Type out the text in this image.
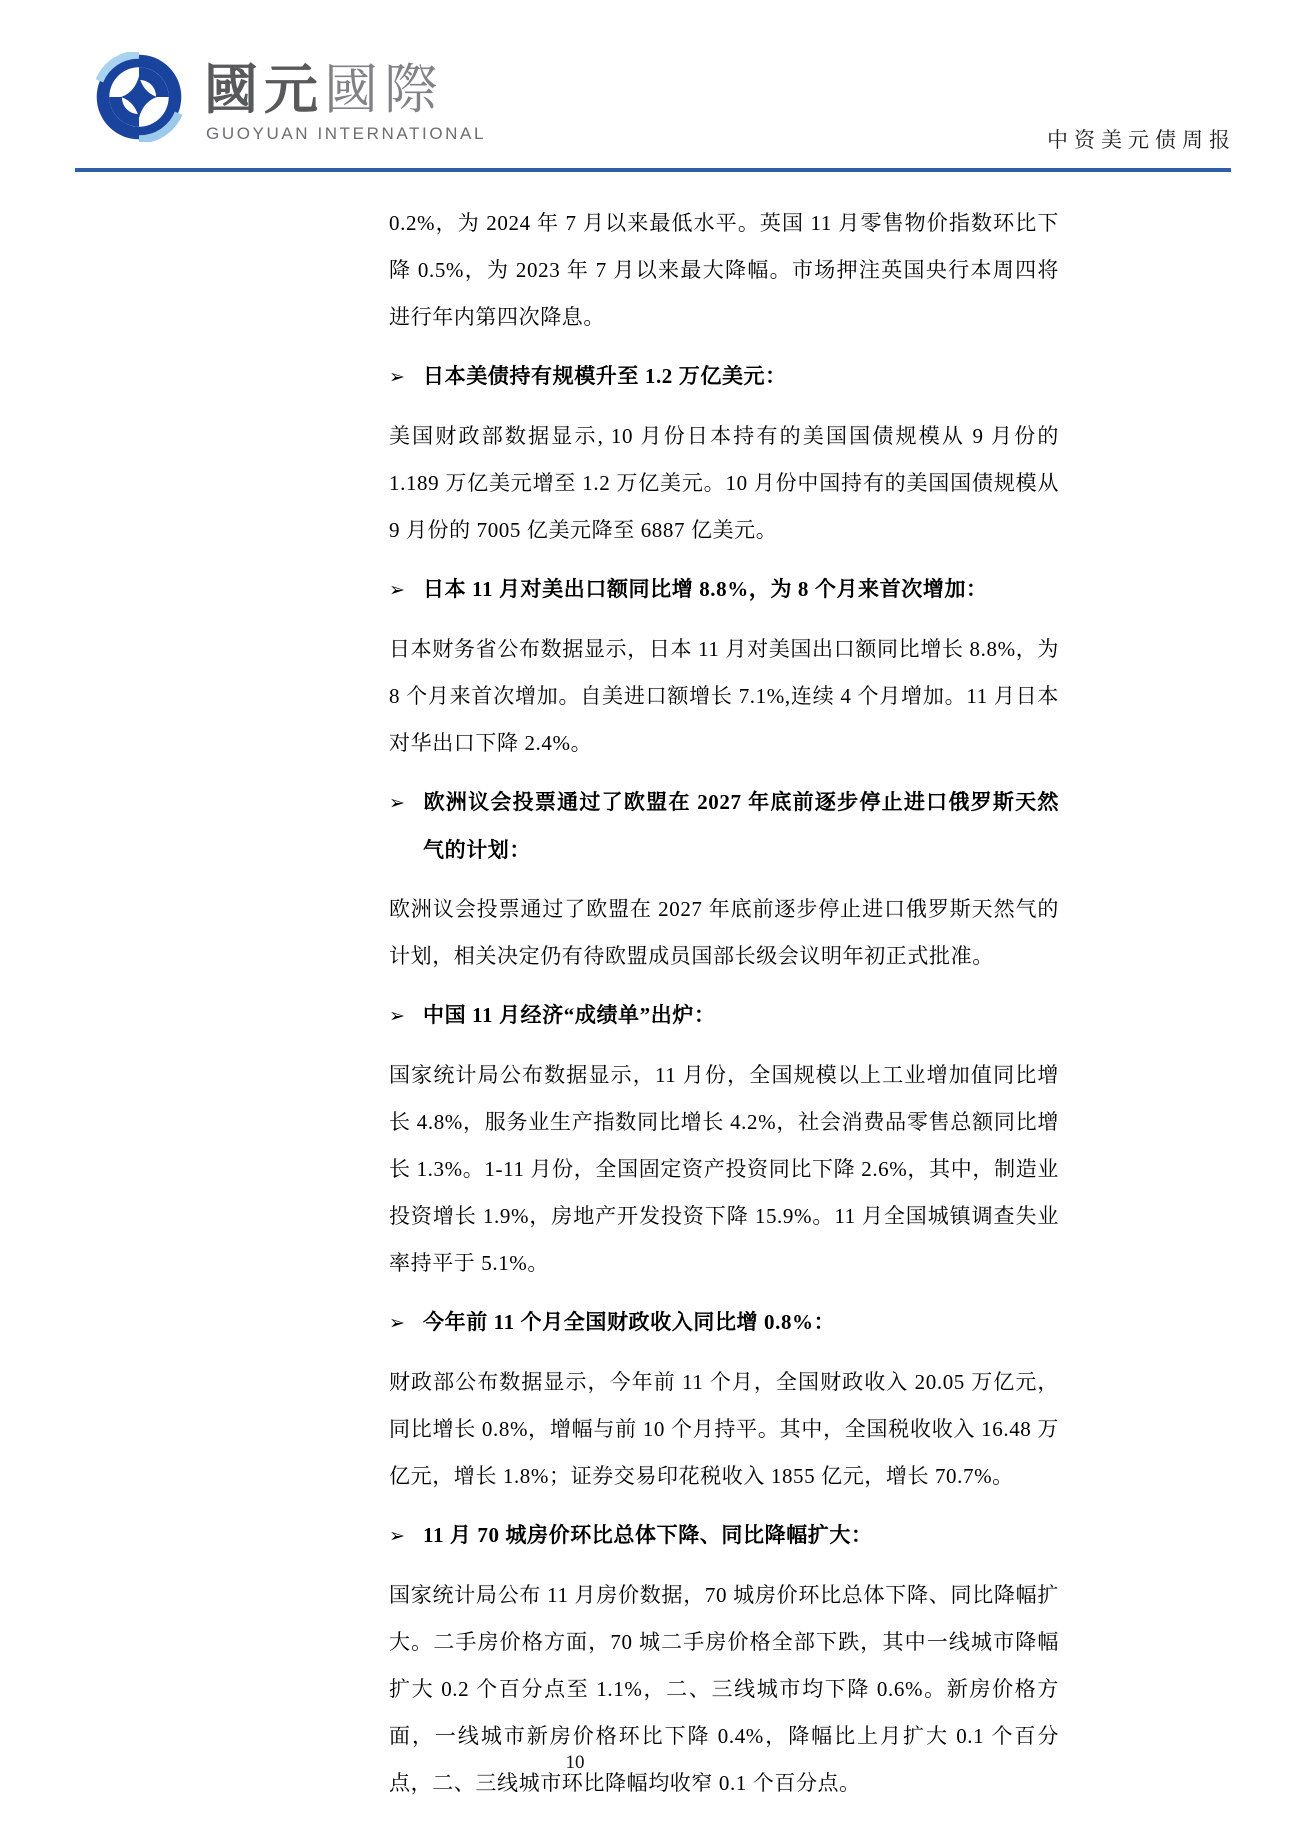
國元國際
GUOYUAN INTERNATIONAL	中资美元债周报

0.2%，为 2024 年 7 月以来最低水平。英国 11 月零售物价指数环比下降 0.5%，为 2023 年 7 月以来最大降幅。市场押注英国央行本周四将进行年内第四次降息。

➢ 日本美债持有规模升至 1.2 万亿美元：

美国财政部数据显示, 10 月份日本持有的美国国债规模从 9 月份的 1.189 万亿美元增至 1.2 万亿美元。10 月份中国持有的美国国债规模从 9 月份的 7005 亿美元降至 6887 亿美元。

➢ 日本 11 月对美出口额同比增 8.8%，为 8 个月来首次增加：

日本财务省公布数据显示，日本 11 月对美国出口额同比增长 8.8%，为 8 个月来首次增加。自美进口额增长 7.1%,连续 4 个月增加。11 月日本对华出口下降 2.4%。

➢ 欧洲议会投票通过了欧盟在 2027 年底前逐步停止进口俄罗斯天然气的计划：

欧洲议会投票通过了欧盟在 2027 年底前逐步停止进口俄罗斯天然气的计划，相关决定仍有待欧盟成员国部长级会议明年初正式批准。

➢ 中国 11 月经济“成绩单”出炉：

国家统计局公布数据显示，11 月份，全国规模以上工业增加值同比增长 4.8%，服务业生产指数同比增长 4.2%，社会消费品零售总额同比增长 1.3%。1-11 月份，全国固定资产投资同比下降 2.6%，其中，制造业投资增长 1.9%，房地产开发投资下降 15.9%。11 月全国城镇调查失业率持平于 5.1%。

➢ 今年前 11 个月全国财政收入同比增 0.8%：

财政部公布数据显示，今年前 11 个月，全国财政收入 20.05 万亿元，同比增长 0.8%，增幅与前 10 个月持平。其中，全国税收收入 16.48 万亿元，增长 1.8%；证券交易印花税收入 1855 亿元，增长 70.7%。

➢ 11 月 70 城房价环比总体下降、同比降幅扩大：

国家统计局公布 11 月房价数据，70 城房价环比总体下降、同比降幅扩大。二手房价格方面，70 城二手房价格全部下跌，其中一线城市降幅扩大 0.2 个百分点至 1.1%，二、三线城市均下降 0.6%。新房价格方面，一线城市新房价格环比下降 0.4%，降幅比上月扩大 0.1 个百分点，二、三线城市环比降幅均收窄 0.1 个百分点。

10
